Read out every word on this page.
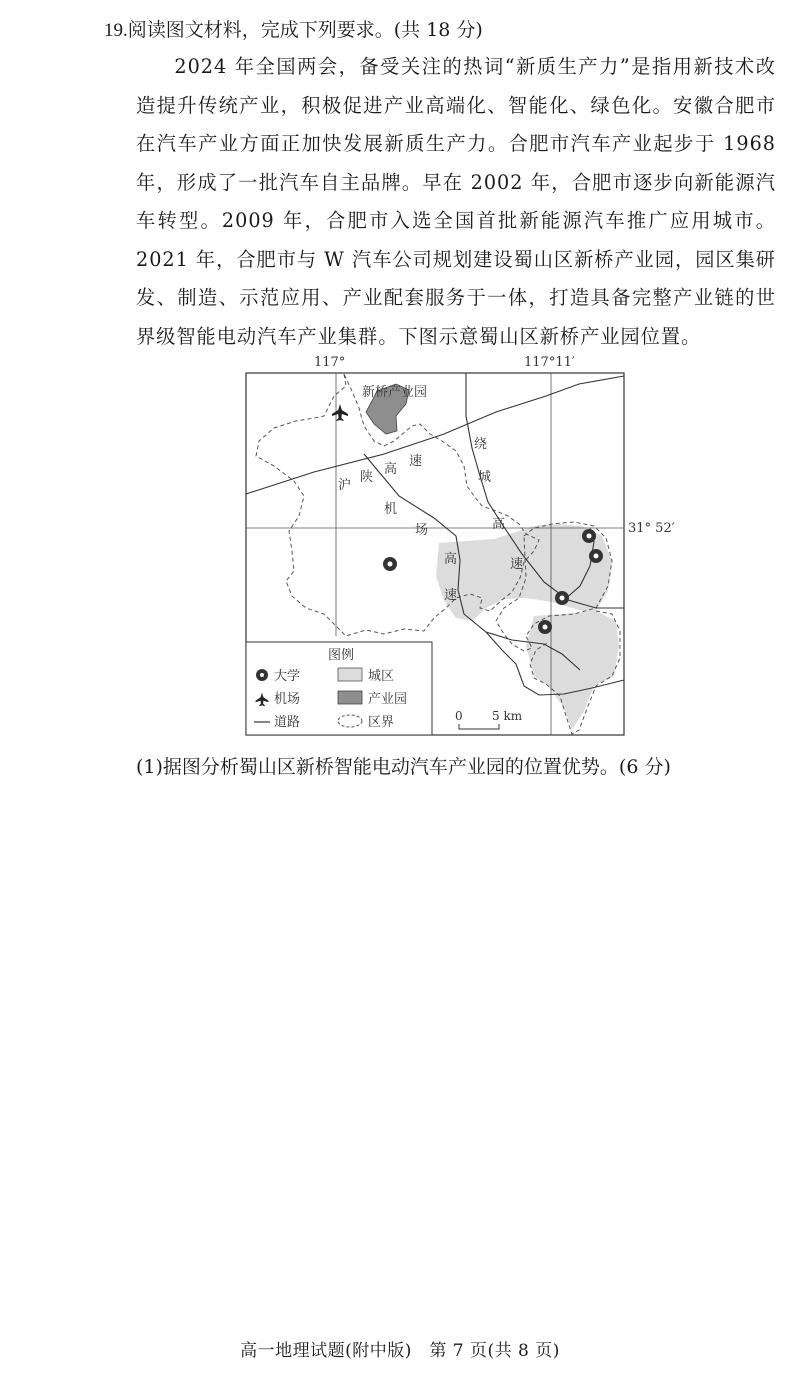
19.阅读图文材料，完成下列要求。(共 18 分)
2024 年全国两会，备受关注的热词“新质生产力”是指用新技术改造提升传统产业，积极促进产业高端化、智能化、绿色化。安徽合肥市在汽车产业方面正加快发展新质生产力。合肥市汽车产业起步于 1968 年，形成了一批汽车自主品牌。早在 2002 年，合肥市逐步向新能源汽车转型。2009 年，合肥市入选全国首批新能源汽车推广应用城市。2021 年，合肥市与 W 汽车公司规划建设蜀山区新桥产业园，园区集研发、制造、示范应用、产业配套服务于一体，打造具备完整产业链的世界级智能电动汽车产业集群。下图示意蜀山区新桥产业园位置。
117°	117°11′
31° 52′
新桥产业园
沪
陕
高
速
机
场
高
速
绕
城
高
速
图例
大学	城区
机场	产业园
道路	区界	0 5 km
(1)据图分析蜀山区新桥智能电动汽车产业园的位置优势。(6 分)
高一地理试题(附中版)　第 7 页(共 8 页)
